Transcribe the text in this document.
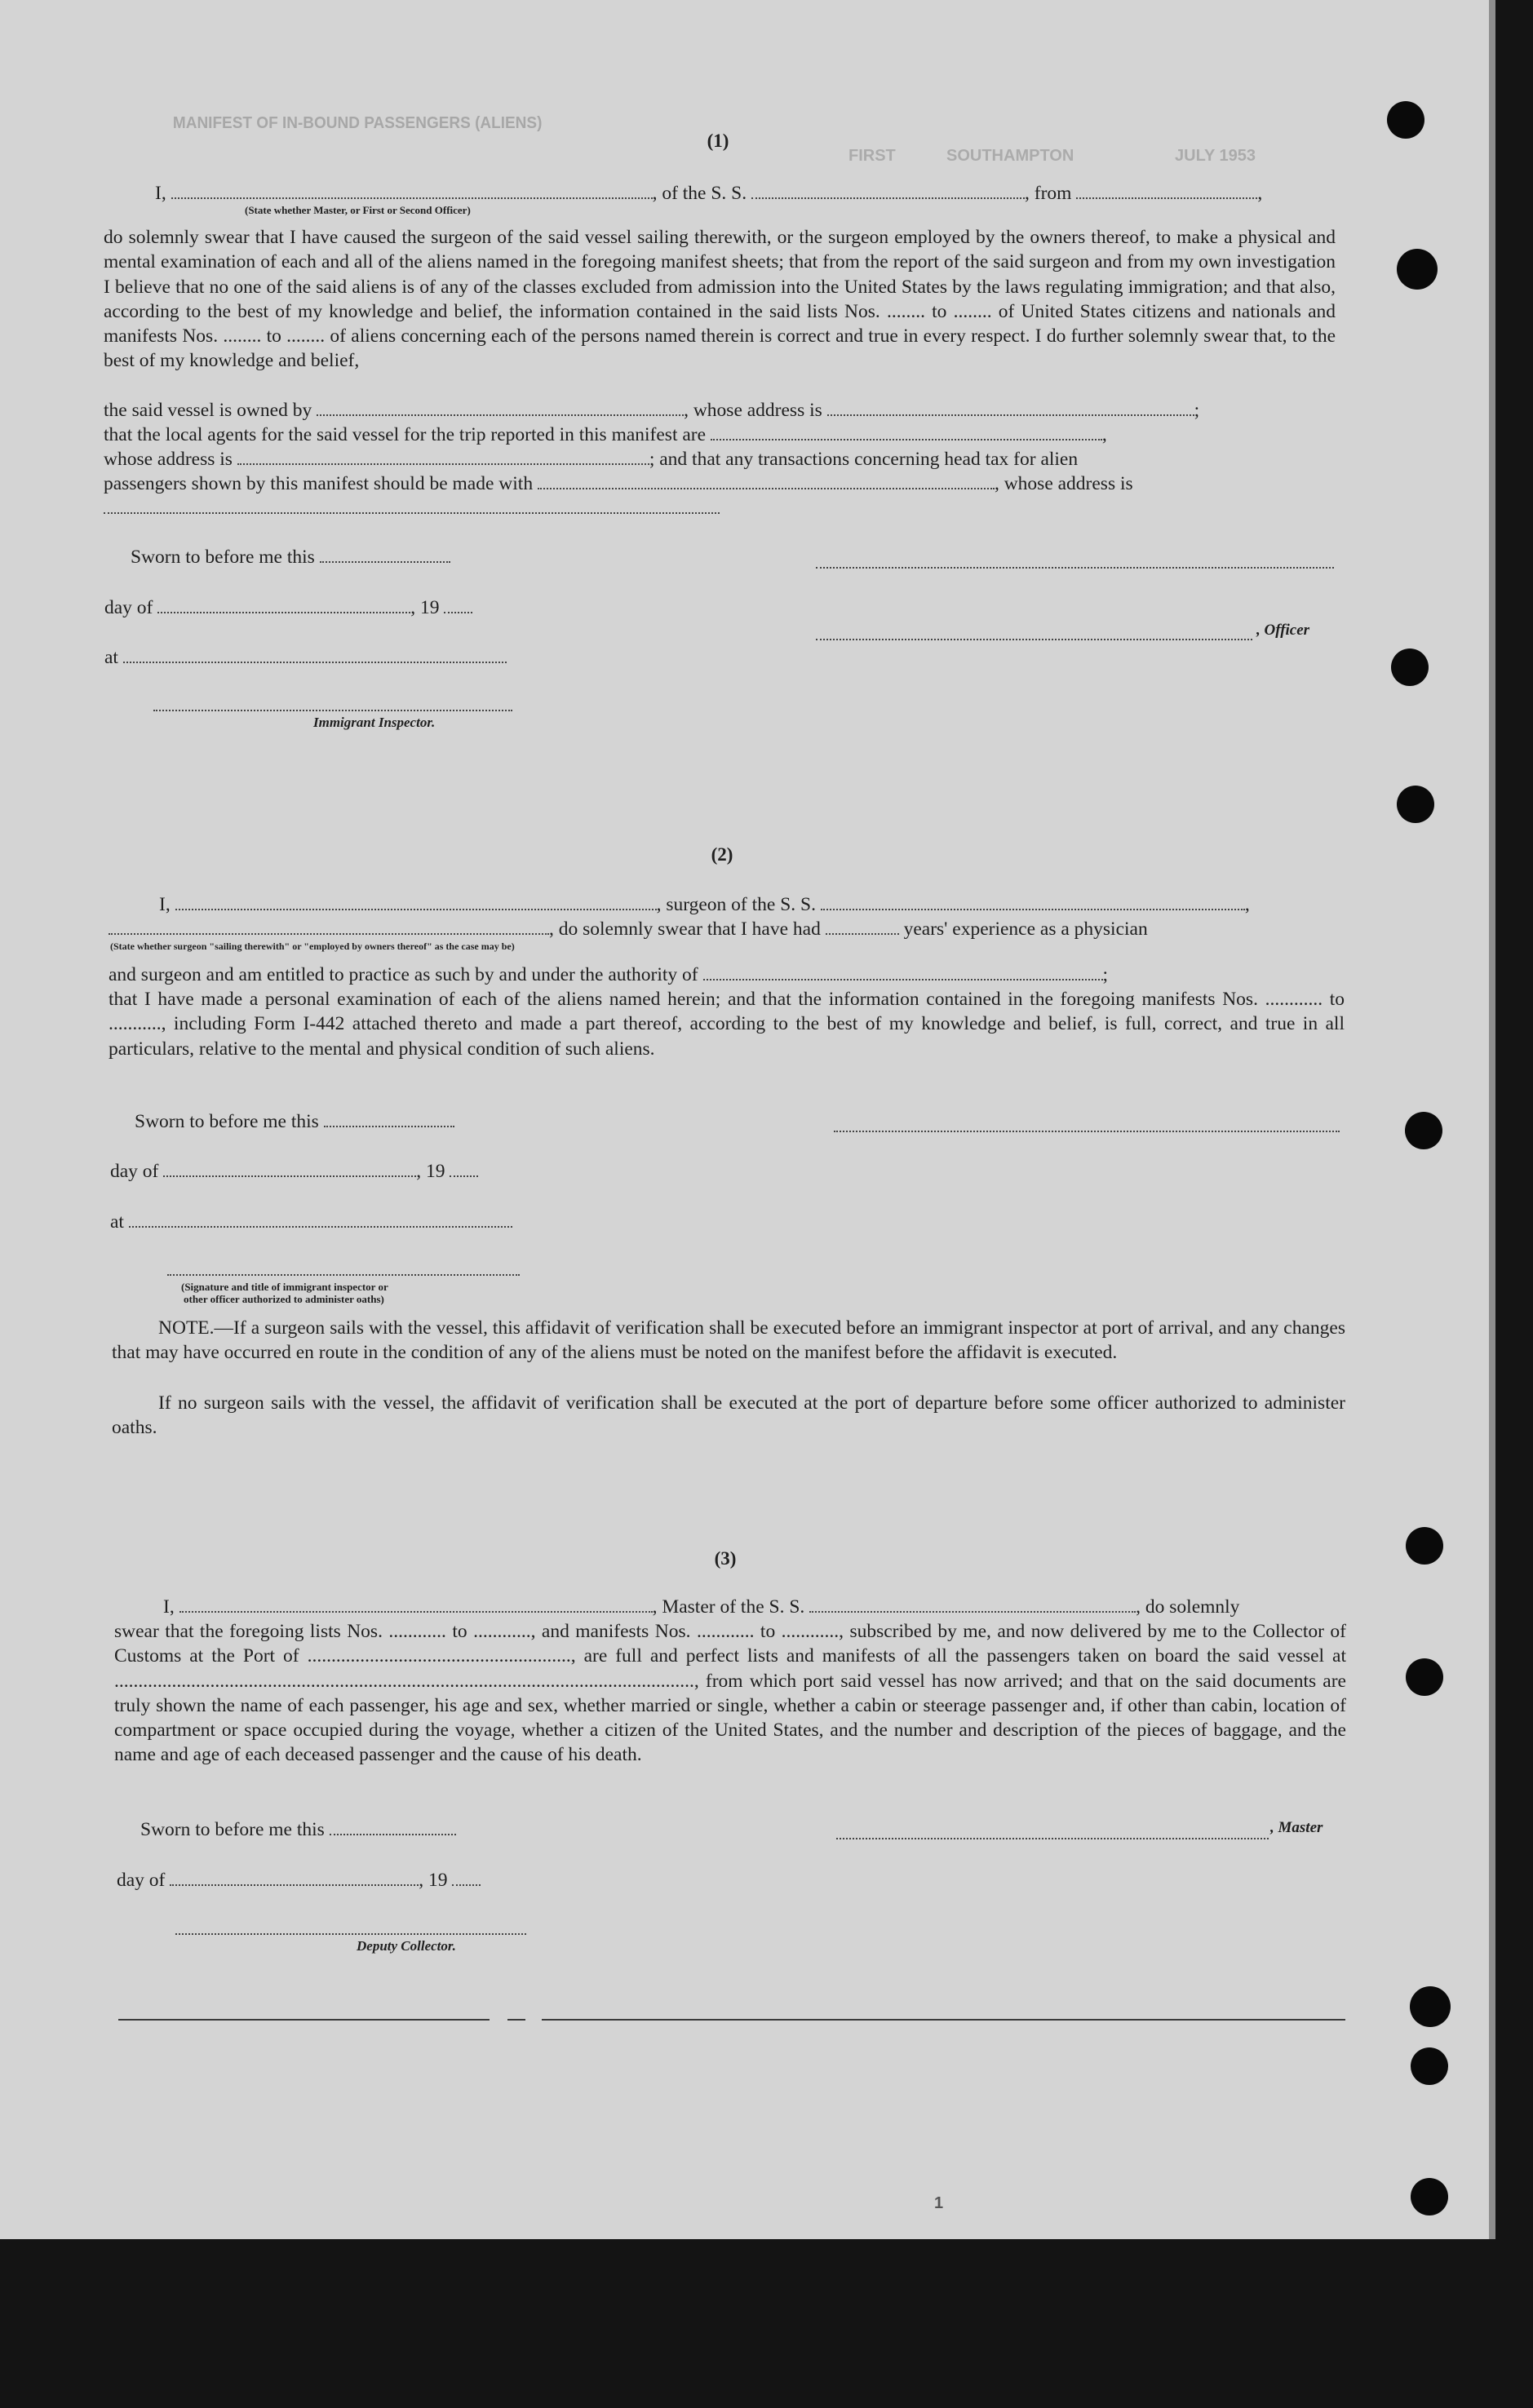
MANIFEST OF IN-BOUND PASSENGERS (ALIENS)
FIRST	SOUTHAMPTON	JULY 1953
(1)
I,	, of the S. S.	, from	,
(State whether Master, or First or Second Officer)

do solemnly swear that I have caused the surgeon of the said vessel sailing therewith, or the surgeon employed by the owners thereof, to make a physical and mental examination of each and all of the aliens named in the foregoing manifest sheets; that from the report of the said surgeon and from my own investigation I believe that no one of the said aliens is of any of the classes excluded from admission into the United States by the laws regulating immigration; and that also, according to the best of my knowledge and belief, the information contained in the said lists Nos. ........ to ........ of United States citizens and nationals and manifests Nos. ........ to ........ of aliens concerning each of the persons named therein is correct and true in every respect. I do further solemnly swear that, to the best of my knowledge and belief,

the said vessel is owned by	, whose address is	;
that the local agents for the said vessel for the trip reported in this manifest are	,
whose address is	; and that any transactions concerning head tax for alien
passengers shown by this manifest should be made with	, whose address is
Sworn to before me this
day of	, 19
, Officer
at
Immigrant Inspector.
(2)
I,	, surgeon of the S. S.	,
, do solemnly swear that I have had	years' experience as a physician
(State whether surgeon "sailing therewith" or "employed by owners thereof" as the case may be)
and surgeon and am entitled to practice as such by and under the authority of	;

that I have made a personal examination of each of the aliens named herein; and that the information contained in the foregoing manifests Nos. ............ to ..........., including Form I-442 attached thereto and made a part thereof, according to the best of my knowledge and belief, is full, correct, and true in all particulars, relative to the mental and physical condition of such aliens.

Sworn to before me this
day of	, 19
at
(Signature and title of immigrant inspector or
other officer authorized to administer oaths)

NOTE.—If a surgeon sails with the vessel, this affidavit of verification shall be executed before an immigrant inspector at port of arrival, and any changes that may have occurred en route in the condition of any of the aliens must be noted on the manifest before the affidavit is executed.

If no surgeon sails with the vessel, the affidavit of verification shall be executed at the port of departure before some officer authorized to administer oaths.

(3)
I,	, Master of the S. S.	, do solemnly

swear that the foregoing lists Nos. ............ to ............, and manifests Nos. ............ to ............, subscribed by me, and now delivered by me to the Collector of Customs at the Port of ......................................................., are full and perfect lists and manifests of all the passengers taken on board the said vessel at ........................................................................................................................., from which port said vessel has now arrived; and that on the said documents are truly shown the name of each passenger, his age and sex, whether married or single, whether a cabin or steerage passenger and, if other than cabin, location of compartment or space occupied during the voyage, whether a citizen of the United States, and the number and description of the pieces of baggage, and the name and age of each deceased passenger and the cause of his death.

Sworn to before me this	, Master
day of	, 19
Deputy Collector.
1
